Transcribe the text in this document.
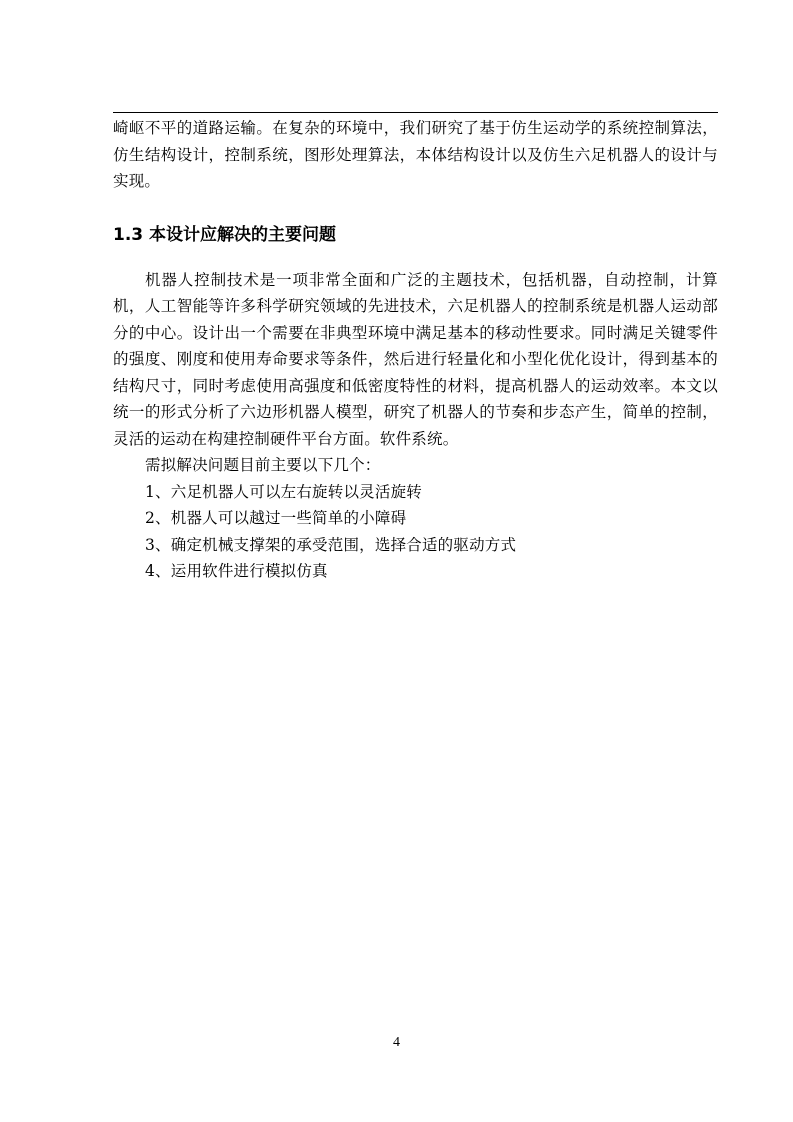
崎岖不平的道路运输。在复杂的环境中，我们研究了基于仿生运动学的系统控制算法，仿生结构设计，控制系统，图形处理算法，本体结构设计以及仿生六足机器人的设计与实现。

1.3 本设计应解决的主要问题

机器人控制技术是一项非常全面和广泛的主题技术，包括机器，自动控制，计算机，人工智能等许多科学研究领域的先进技术，六足机器人的控制系统是机器人运动部分的中心。设计出一个需要在非典型环境中满足基本的移动性要求。同时满足关键零件的强度、刚度和使用寿命要求等条件，然后进行轻量化和小型化优化设计，得到基本的结构尺寸，同时考虑使用高强度和低密度特性的材料，提高机器人的运动效率。本文以统一的形式分析了六边形机器人模型，研究了机器人的节奏和步态产生，简单的控制，灵活的运动在构建控制硬件平台方面。软件系统。

需拟解决问题目前主要以下几个：

1、六足机器人可以左右旋转以灵活旋转

2、机器人可以越过一些简单的小障碍

3、确定机械支撑架的承受范围，选择合适的驱动方式

4、运用软件进行模拟仿真

4
